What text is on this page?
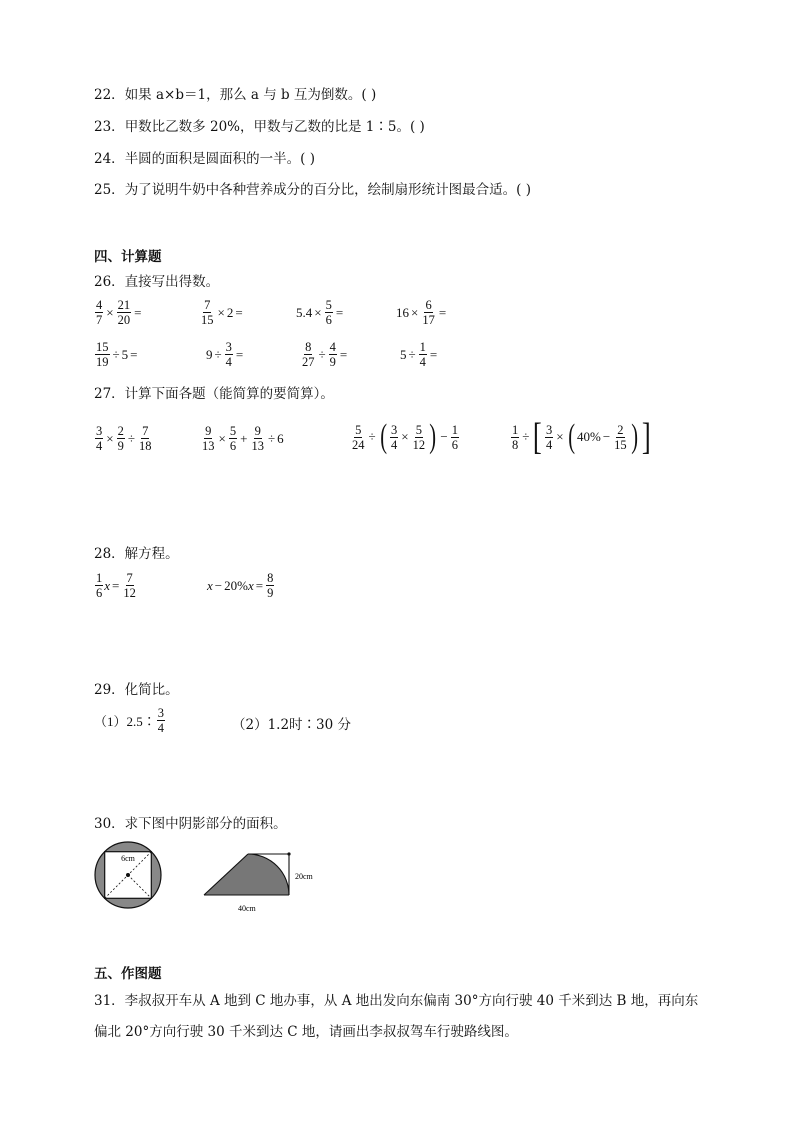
22．如果 a×b＝1，那么 a 与 b 互为倒数。( )
23．甲数比乙数多 20%，甲数与乙数的比是 1∶5。( )
24．半圆的面积是圆面积的一半。( )
25．为了说明牛奶中各种营养成分的百分比，绘制扇形统计图最合适。( )
四、计算题
26．直接写出得数。
$\frac{4}{7} \times \frac{21}{20}$ =	$\frac{7}{15} \times 2$ =	$5.4 \times \frac{5}{6}$ =	$16 \times \frac{6}{17}$ =
$\frac{15}{19} \div 5$ =	$9 \div \frac{3}{4}$ =	$\frac{8}{27} \div \frac{4}{9}$ =	$5 \div \frac{1}{4}$ =
27．计算下面各题（能简算的要简算）。
$\frac{3}{4} \times \frac{2}{9} \div \frac{7}{18}$	$\frac{9}{13} \times \frac{5}{6} + \frac{9}{13} \div 6$	$\frac{5}{24}$ ÷ ( $\frac{3}{4} \times \frac{5}{12}$ ) − $\frac{1}{6}$	$\frac{1}{8}$ ÷ [ $\frac{3}{4}$ × ( $40\% - \frac{2}{15}$ ) ]
28．解方程。
$\frac{1}{6}$ $x = \frac{7}{12}$	x − 20% $x = \frac{8}{9}$
29．化简比。
（1）2.5∶ $\frac{3}{4}$	（2）1.2时∶30 分
30．求下图中阴影部分的面积。
6cm
20cm
40cm
五、作图题
31．李叔叔开车从 A 地到 C 地办事，从 A 地出发向东偏南 30°方向行驶 40 千米到达 B 地，再向东
偏北 20°方向行驶 30 千米到达 C 地，请画出李叔叔驾车行驶路线图。
